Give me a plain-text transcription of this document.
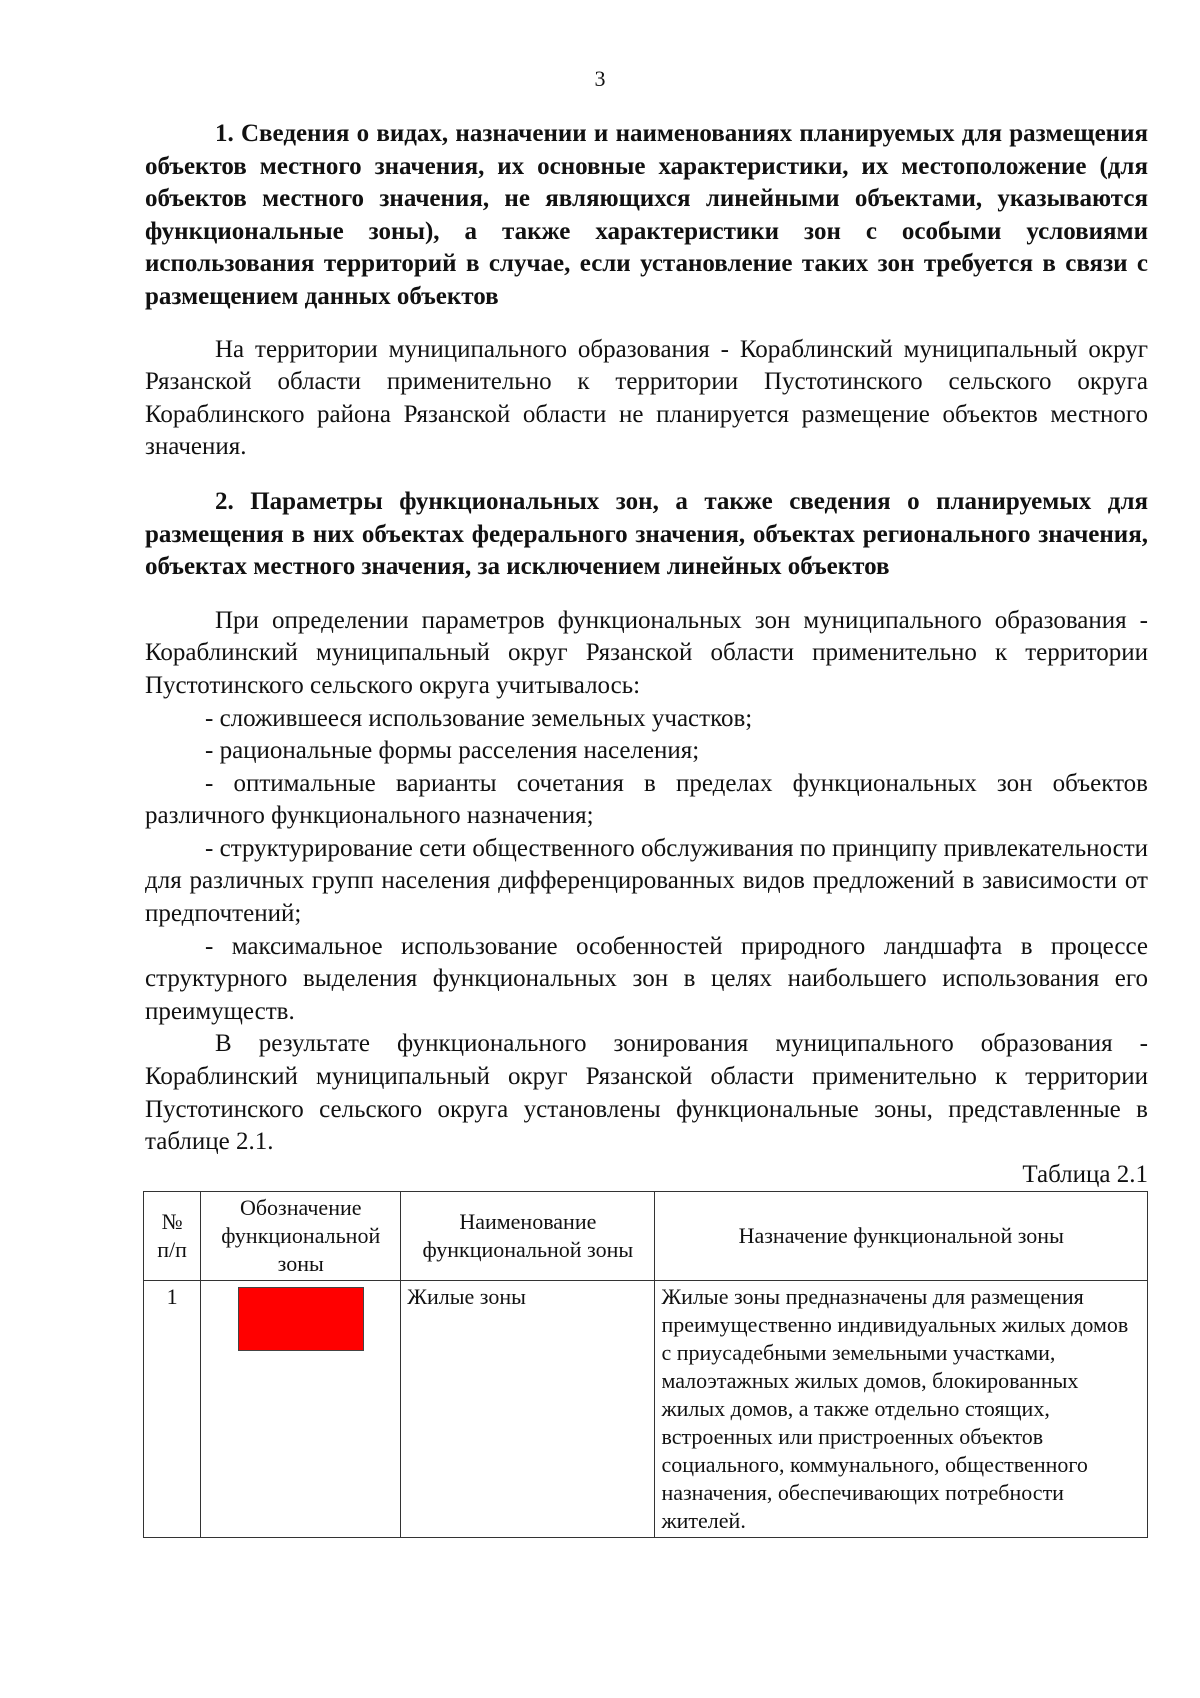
3

1. Сведения о видах, назначении и наименованиях планируемых для размещения объектов местного значения, их основные характеристики, их местоположение (для объектов местного значения, не являющихся линейными объектами, указываются функциональные зоны), а также характеристики зон с особыми условиями использования территорий в случае, если установление таких зон требуется в связи с размещением данных объектов

На территории муниципального образования - Кораблинский муниципальный округ Рязанской области применительно к территории Пустотинского сельского округа Кораблинского района Рязанской области не планируется размещение объектов местного значения.

2. Параметры функциональных зон, а также сведения о планируемых для размещения в них объектах федерального значения, объектах регионального значения, объектах местного значения, за исключением линейных объектов

При определении параметров функциональных зон муниципального образования - Кораблинский муниципальный округ Рязанской области применительно к территории Пустотинского сельского округа учитывалось:

- сложившееся использование земельных участков;

- рациональные формы расселения населения;

- оптимальные варианты сочетания в пределах функциональных зон объектов различного функционального назначения;

- структурирование сети общественного обслуживания по принципу привлекательности для различных групп населения дифференцированных видов предложений в зависимости от предпочтений;

- максимальное использование особенностей природного ландшафта в процессе структурного выделения функциональных зон в целях наибольшего использования его преимуществ.

В результате функционального зонирования муниципального образования - Кораблинский муниципальный округ Рязанской области применительно к территории Пустотинского сельского округа установлены функциональные зоны, представленные в таблице 2.1.

Таблица 2.1

№ п/п	Обозначение функциональной зоны	Наименование функциональной зоны	Назначение функциональной зоны
1		Жилые зоны	Жилые зоны предназначены для размещения преимущественно индивидуальных жилых домов с приусадебными земельными участками, малоэтажных жилых домов, блокированных жилых домов, а также отдельно стоящих, встроенных или пристроенных объектов социального, коммунального, общественного назначения, обеспечивающих потребности жителей.
